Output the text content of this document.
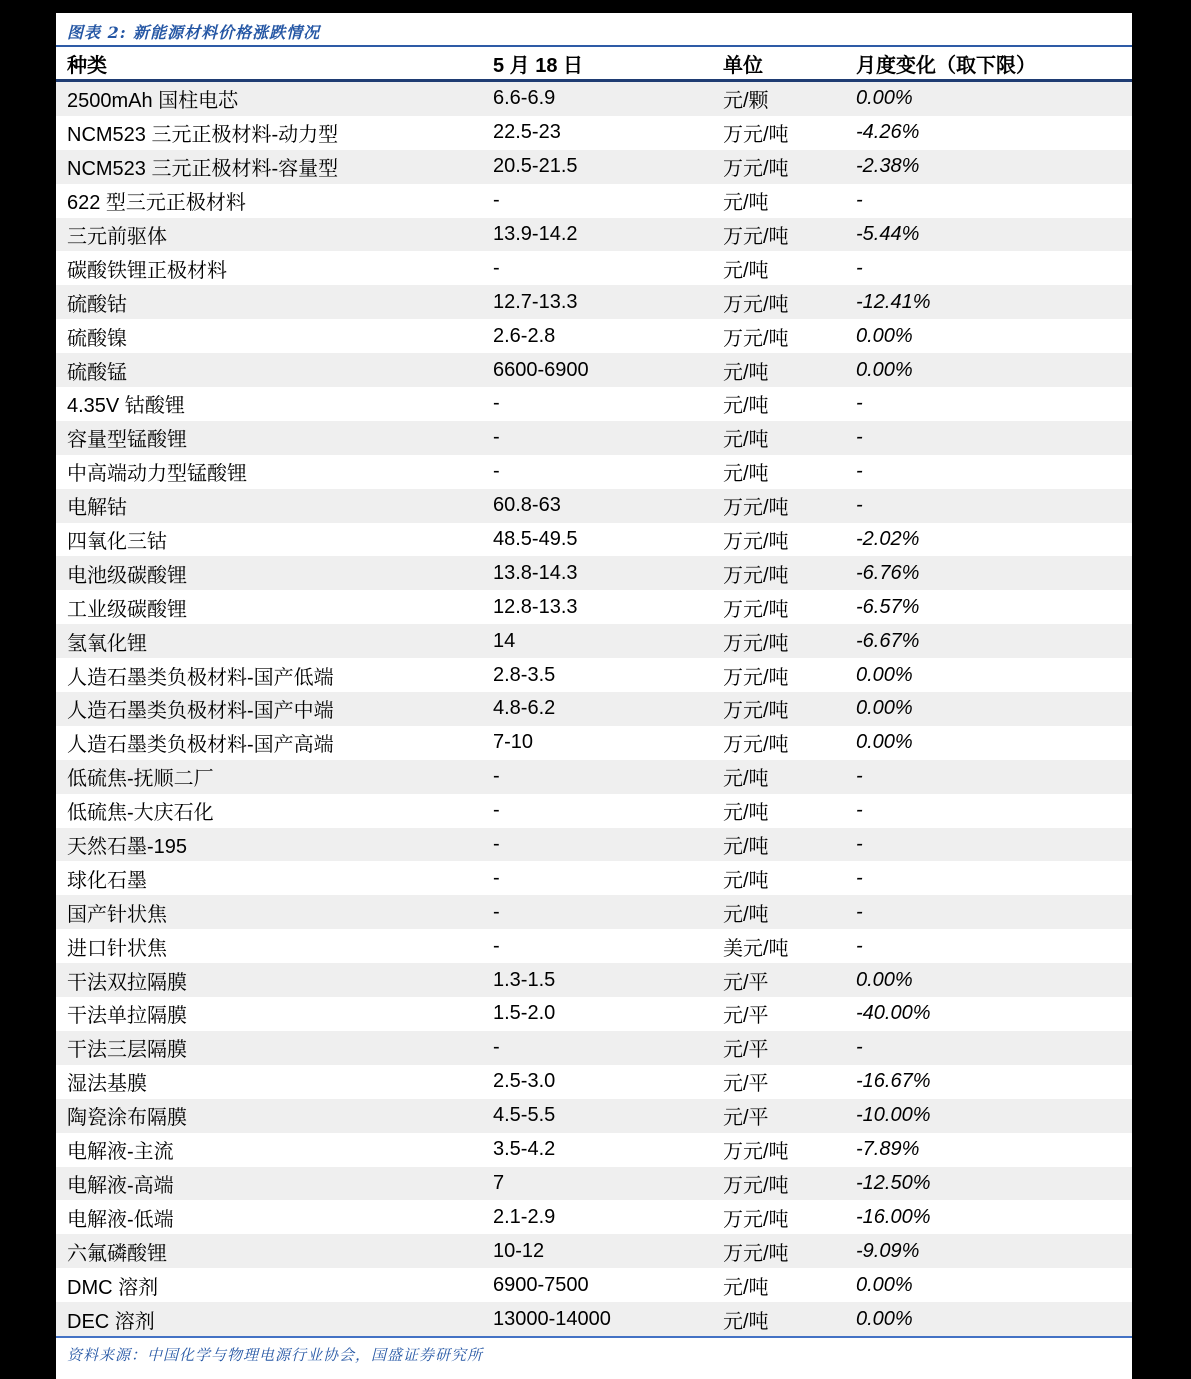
图表 2: 新能源材料价格涨跌情况
种类	5 月 18 日	单位	月度变化（取下限）
2500mAh 国柱电芯	6.6-6.9	元/颗	0.00%
NCM523 三元正极材料-动力型	22.5-23	万元/吨	-4.26%
NCM523 三元正极材料-容量型	20.5-21.5	万元/吨	-2.38%
622 型三元正极材料	-	元/吨	-
三元前驱体	13.9-14.2	万元/吨	-5.44%
碳酸铁锂正极材料	-	元/吨	-
硫酸钴	12.7-13.3	万元/吨	-12.41%
硫酸镍	2.6-2.8	万元/吨	0.00%
硫酸锰	6600-6900	元/吨	0.00%
4.35V 钴酸锂	-	元/吨	-
容量型锰酸锂	-	元/吨	-
中高端动力型锰酸锂	-	元/吨	-
电解钴	60.8-63	万元/吨	-
四氧化三钴	48.5-49.5	万元/吨	-2.02%
电池级碳酸锂	13.8-14.3	万元/吨	-6.76%
工业级碳酸锂	12.8-13.3	万元/吨	-6.57%
氢氧化锂	14	万元/吨	-6.67%
人造石墨类负极材料-国产低端	2.8-3.5	万元/吨	0.00%
人造石墨类负极材料-国产中端	4.8-6.2	万元/吨	0.00%
人造石墨类负极材料-国产高端	7-10	万元/吨	0.00%
低硫焦-抚顺二厂	-	元/吨	-
低硫焦-大庆石化	-	元/吨	-
天然石墨-195	-	元/吨	-
球化石墨	-	元/吨	-
国产针状焦	-	元/吨	-
进口针状焦	-	美元/吨	-
干法双拉隔膜	1.3-1.5	元/平	0.00%
干法单拉隔膜	1.5-2.0	元/平	-40.00%
干法三层隔膜	-	元/平	-
湿法基膜	2.5-3.0	元/平	-16.67%
陶瓷涂布隔膜	4.5-5.5	元/平	-10.00%
电解液-主流	3.5-4.2	万元/吨	-7.89%
电解液-高端	7	万元/吨	-12.50%
电解液-低端	2.1-2.9	万元/吨	-16.00%
六氟磷酸锂	10-12	万元/吨	-9.09%
DMC 溶剂	6900-7500	元/吨	0.00%
DEC 溶剂	13000-14000	元/吨	0.00%
资料来源：中国化学与物理电源行业协会，国盛证券研究所
